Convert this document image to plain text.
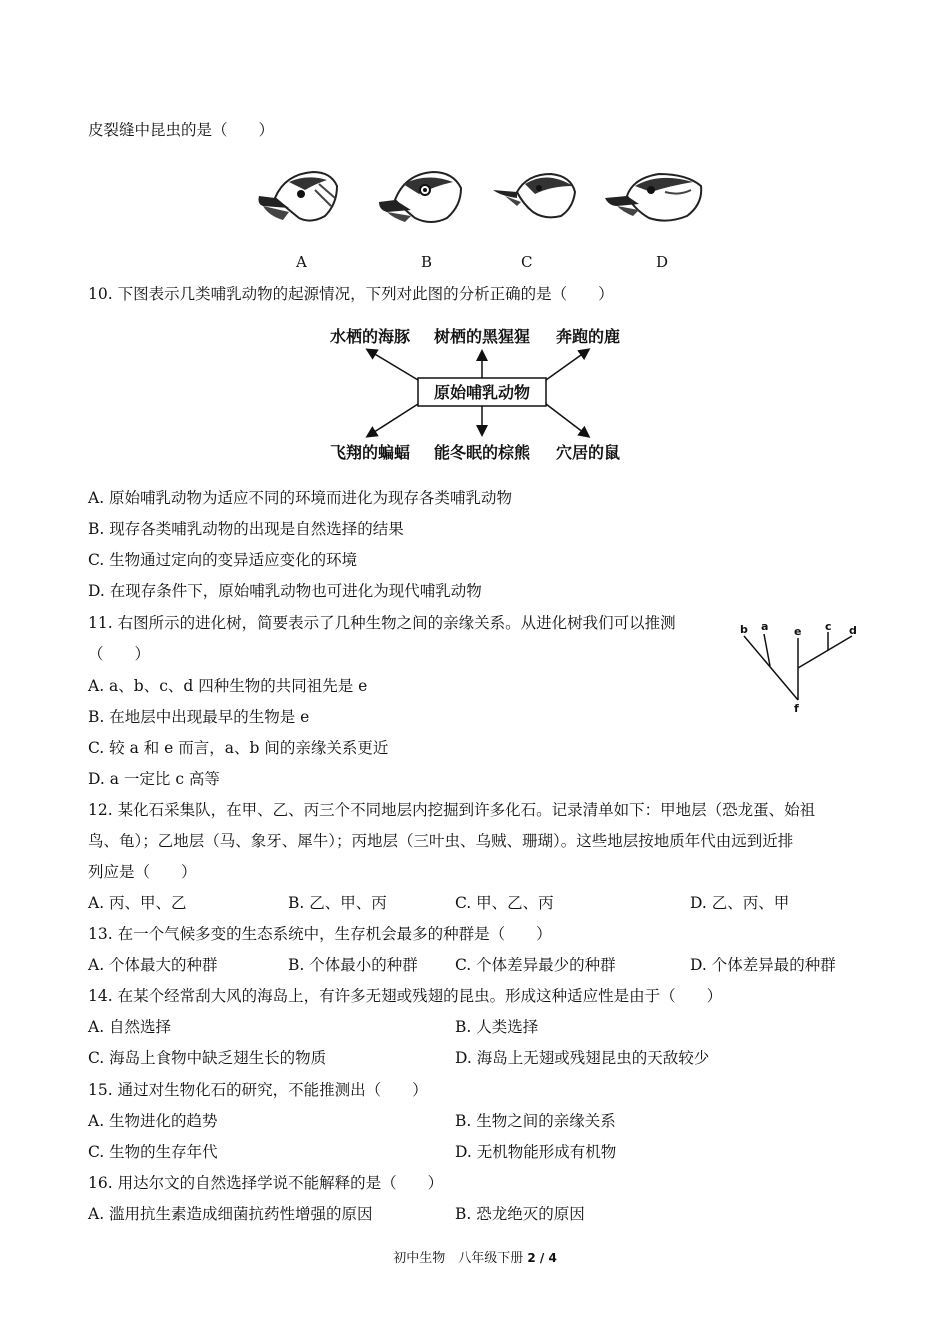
皮裂缝中昆虫的是（　　）
A	B	C	D
10. 下图表示几类哺乳动物的起源情况，下列对此图的分析正确的是（　　）
水栖的海豚 树栖的黑猩猩 奔跑的鹿
原始哺乳动物
飞翔的蝙蝠 能冬眠的棕熊 穴居的鼠
A. 原始哺乳动物为适应不同的环境而进化为现存各类哺乳动物
B. 现存各类哺乳动物的出现是自然选择的结果
C. 生物通过定向的变异适应变化的环境
D. 在现存条件下，原始哺乳动物也可进化为现代哺乳动物
11. 右图所示的进化树，简要表示了几种生物之间的亲缘关系。从进化树我们可以推测
（　　）
b a e c d
f
A. a、b、c、d 四种生物的共同祖先是 e
B. 在地层中出现最早的生物是 e
C. 较 a 和 e 而言，a、b 间的亲缘关系更近
D. a 一定比 c 高等
12. 某化石采集队，在甲、乙、丙三个不同地层内挖掘到许多化石。记录清单如下：甲地层（恐龙蛋、始祖
鸟、龟）；乙地层（马、象牙、犀牛）；丙地层（三叶虫、乌贼、珊瑚）。这些地层按地质年代由远到近排
列应是（　　）
A. 丙、甲、乙	B. 乙、甲、丙	C. 甲、乙、丙	D. 乙、丙、甲
13. 在一个气候多变的生态系统中，生存机会最多的种群是（　　）
A. 个体最大的种群	B. 个体最小的种群 C. 个体差异最少的种群	D. 个体差异最的种群
14. 在某个经常刮大风的海岛上，有许多无翅或残翅的昆虫。形成这种适应性是由于（　　）
A. 自然选择	B. 人类选择
C. 海岛上食物中缺乏翅生长的物质	D. 海岛上无翅或残翅昆虫的天敌较少
15. 通过对生物化石的研究，不能推测出（　　）
A. 生物进化的趋势	B. 生物之间的亲缘关系
C. 生物的生存年代	D. 无机物能形成有机物
16. 用达尔文的自然选择学说不能解释的是（　　）
A. 滥用抗生素造成细菌抗药性增强的原因	B. 恐龙绝灭的原因
初中生物　八年级下册 2 / 4
